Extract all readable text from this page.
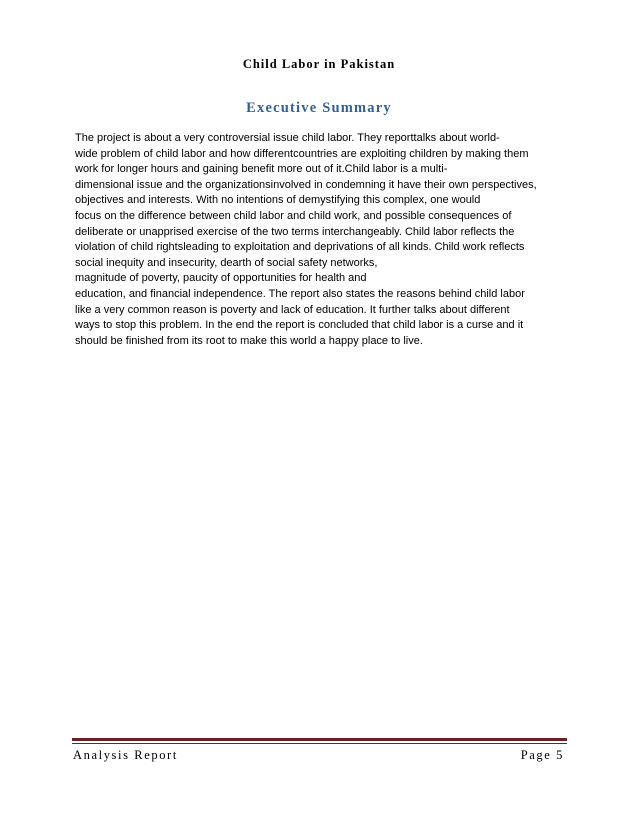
Child Labor in Pakistan
Executive Summary
The project is about a very controversial issue child labor. They reporttalks about world-
wide problem of child labor and how differentcountries are exploiting children by making them
work for longer hours and gaining benefit more out of it.Child labor is a multi-
dimensional issue and the organizationsinvolved in condemning it have their own perspectives,
objectives and interests. With no intentions of demystifying this complex, one would
focus on the difference between child labor and child work, and possible consequences of
deliberate or unapprised exercise of the two terms interchangeably. Child labor reflects the
violation of child rightsleading to exploitation and deprivations of all kinds. Child work reflects
social inequity and insecurity, dearth of social safety networks,
magnitude of poverty, paucity of opportunities for health and
education, and financial independence. The report also states the reasons behind child labor
like a very common reason is poverty and lack of education. It further talks about different
ways to stop this problem. In the end the report is concluded that child labor is a curse and it
should be finished from its root to make this world a happy place to live.
Analysis Report	Page 5
